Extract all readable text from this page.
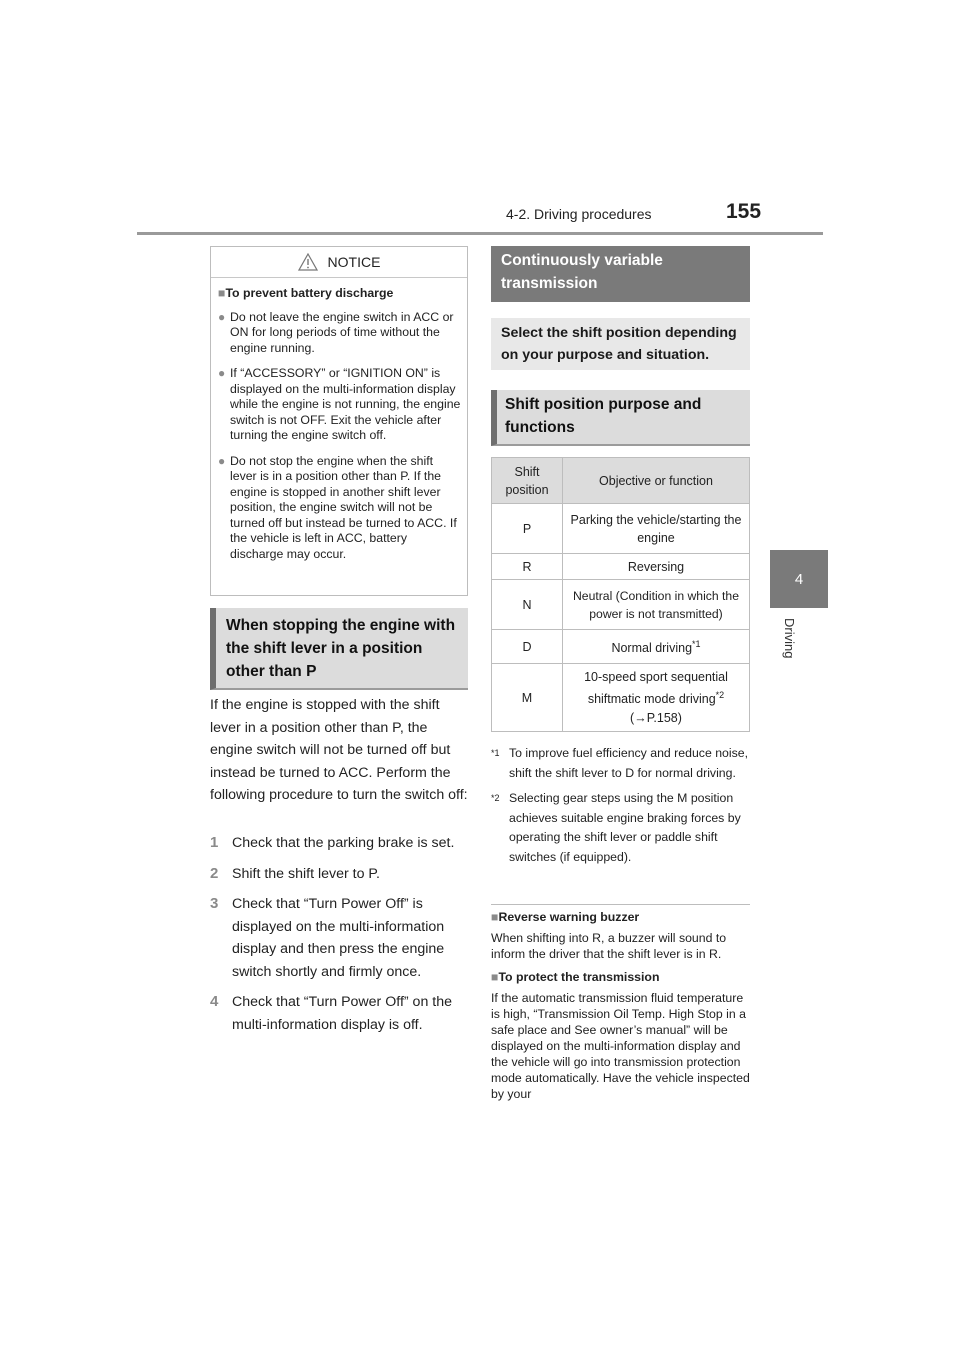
4-2. Driving procedures	155
4
Driving
NOTICE
■To prevent battery discharge
● Do not leave the engine switch in ACC or ON for long periods of time without the engine running.
● If “ACCESSORY” or “IGNITION ON” is displayed on the multi-information display while the engine is not running, the engine switch is not OFF. Exit the vehicle after turning the engine switch off.
● Do not stop the engine when the shift lever is in a position other than P. If the engine is stopped in another shift lever position, the engine switch will not be turned off but instead be turned to ACC. If the vehicle is left in ACC, battery discharge may occur.
When stopping the engine with the shift lever in a position other than P
If the engine is stopped with the shift lever in a position other than P, the engine switch will not be turned off but instead be turned to ACC. Perform the following procedure to turn the switch off:
1 Check that the parking brake is set.
2 Shift the shift lever to P.
3 Check that “Turn Power Off” is displayed on the multi-information display and then press the engine switch shortly and firmly once.
4 Check that “Turn Power Off” on the multi-information display is off.
Continuously variable transmission
Select the shift position depending on your purpose and situation.
Shift position purpose and functions
Shift position	Objective or function
P	Parking the vehicle/starting the engine
R	Reversing
N	Neutral (Condition in which the power is not transmitted)
D	Normal driving$^{*1}$
M	10-speed sport sequential shiftmatic mode driving$^{*2}$
(→P.158)
*1 To improve fuel efficiency and reduce noise, shift the shift lever to D for normal driving.
*2 Selecting gear steps using the M position achieves suitable engine braking forces by operating the shift lever or paddle shift switches (if equipped).
■Reverse warning buzzer
When shifting into R, a buzzer will sound to inform the driver that the shift lever is in R.
■To protect the transmission
If the automatic transmission fluid temperature is high, “Transmission Oil Temp. High Stop in a safe place and See owner’s manual” will be displayed on the multi-information display and the vehicle will go into transmission protection mode automatically. Have the vehicle inspected by your
